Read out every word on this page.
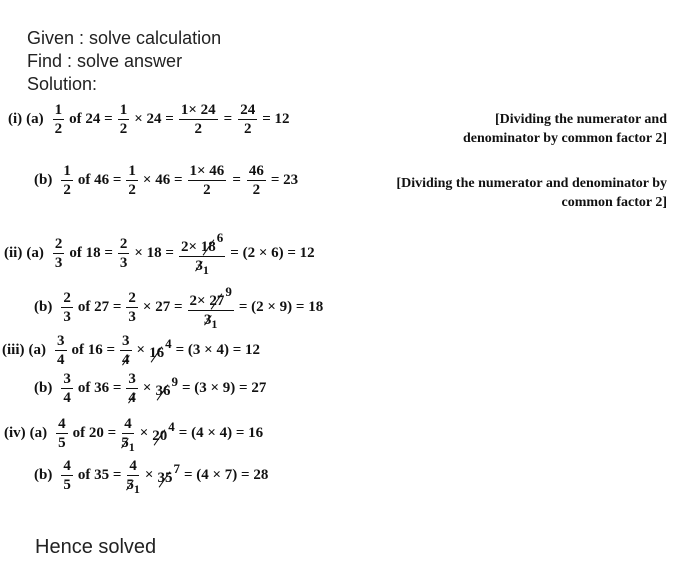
Given : solve calculation
Find : solve answer
Solution:
(i) $(a) \frac{1}{2}$ of $24 = \frac{1}{2} \times 24 = \frac{1\times 24}{2} = \frac{24}{2} = 12$	[Dividing the numerator and
denominator by common factor 2]
$(b) \frac{1}{2}$ of $46 = \frac{1}{2} \times 46 = \frac{1\times 46}{2} = \frac{46}{2} = 23$	[Dividing the numerator and denominator by
common factor 2]
(ii) $(a) \frac{2}{3}$ of $18 = \frac{2}{3} \times 18 = \frac{2\times 18^6}{3_1} = (2 \times 6) = 12$
$(b) \frac{2}{3}$ of $27 = \frac{2}{3} \times 27 = \frac{2\times 27^9}{3_1} = (2 \times 9) = 18$
(iii) $(a) \frac{3}{4}$ of $16 = \frac{3}{4} \times 16^4 = (3 \times 4) = 12$
$(b) \frac{3}{4}$ of $36 = \frac{3}{4} \times 36^9 = (3 \times 9) = 27$
(iv) $(a) \frac{4}{5}$ of $20 = \frac{4}{5_1} \times 20^4 = (4 \times 4) = 16$
$(b) \frac{4}{5}$ of $35 = \frac{4}{5_1} \times 35^7 = (4 \times 7) = 28$
Hence solved
